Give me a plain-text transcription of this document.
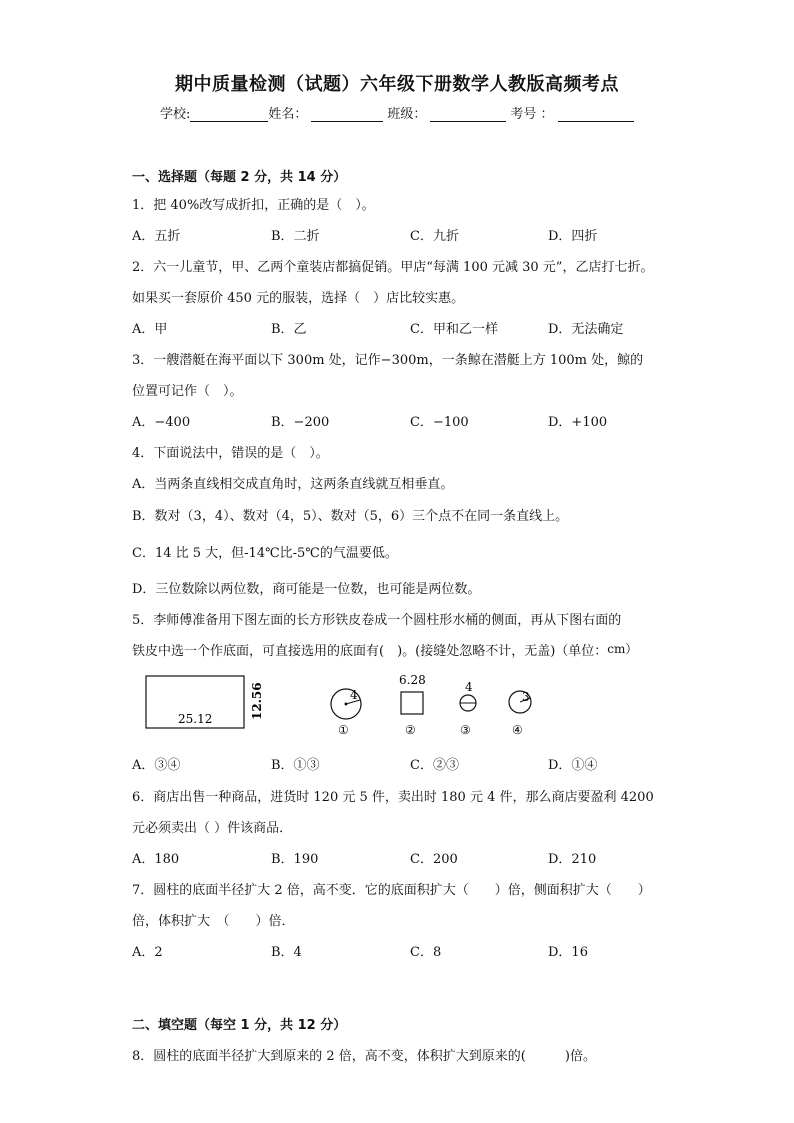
期中质量检测（试题）六年级下册数学人教版高频考点
学校:	姓名：	班级：	考号 ：
一、选择题（每题 2 分，共 14 分）
1．把 40%改写成折扣，正确的是（　）。
A．五折	B．二折	C．九折	D．四折
2．六一儿童节，甲、乙两个童装店都搞促销。甲店“每满 100 元减 30 元”，乙店打七折。
如果买一套原价 450 元的服装，选择（　）店比较实惠。
A．甲	B．乙	C．甲和乙一样	D．无法确定
3．一艘潜艇在海平面以下 300m 处，记作−300m，一条鲸在潜艇上方 100m 处，鲸的
位置可记作（　）。
A．−400	B．−200	C．−100	D．+100
4．下面说法中，错误的是（　）。
A．当两条直线相交成直角时，这两条直线就互相垂直。
B．数对（3，4）、数对（4，5）、数对（5，6）三个点不在同一条直线上。
C．14 比 5 大，但-14℃比-5℃的气温要低。
D．三位数除以两位数，商可能是一位数，也可能是两位数。
5．李师傅准备用下图左面的长方形铁皮卷成一个圆柱形水桶的侧面，再从下图右面的
铁皮中选一个作底面，可直接选用的底面有(　)。(接缝处忽略不计，无盖)（单位：cm）
25.12	12.56	4
①
6.28
②
4
③
3
④
A．③④	B．①③	C．②③	D．①④
6．商店出售一种商品，进货时 120 元 5 件，卖出时 180 元 4 件，那么商店要盈利 4200
元必须卖出（ ）件该商品．
A．180	B．190	C．200	D．210
7．圆柱的底面半径扩大 2 倍，高不变．它的底面积扩大（　　）倍，侧面积扩大（　　）
倍，体积扩大　（　　）倍．
A．2	B．4	C．8	D．16
二、填空题（每空 1 分，共 12 分）
8．圆柱的底面半径扩大到原来的 2 倍，高不变，体积扩大到原来的(　　　)倍。
